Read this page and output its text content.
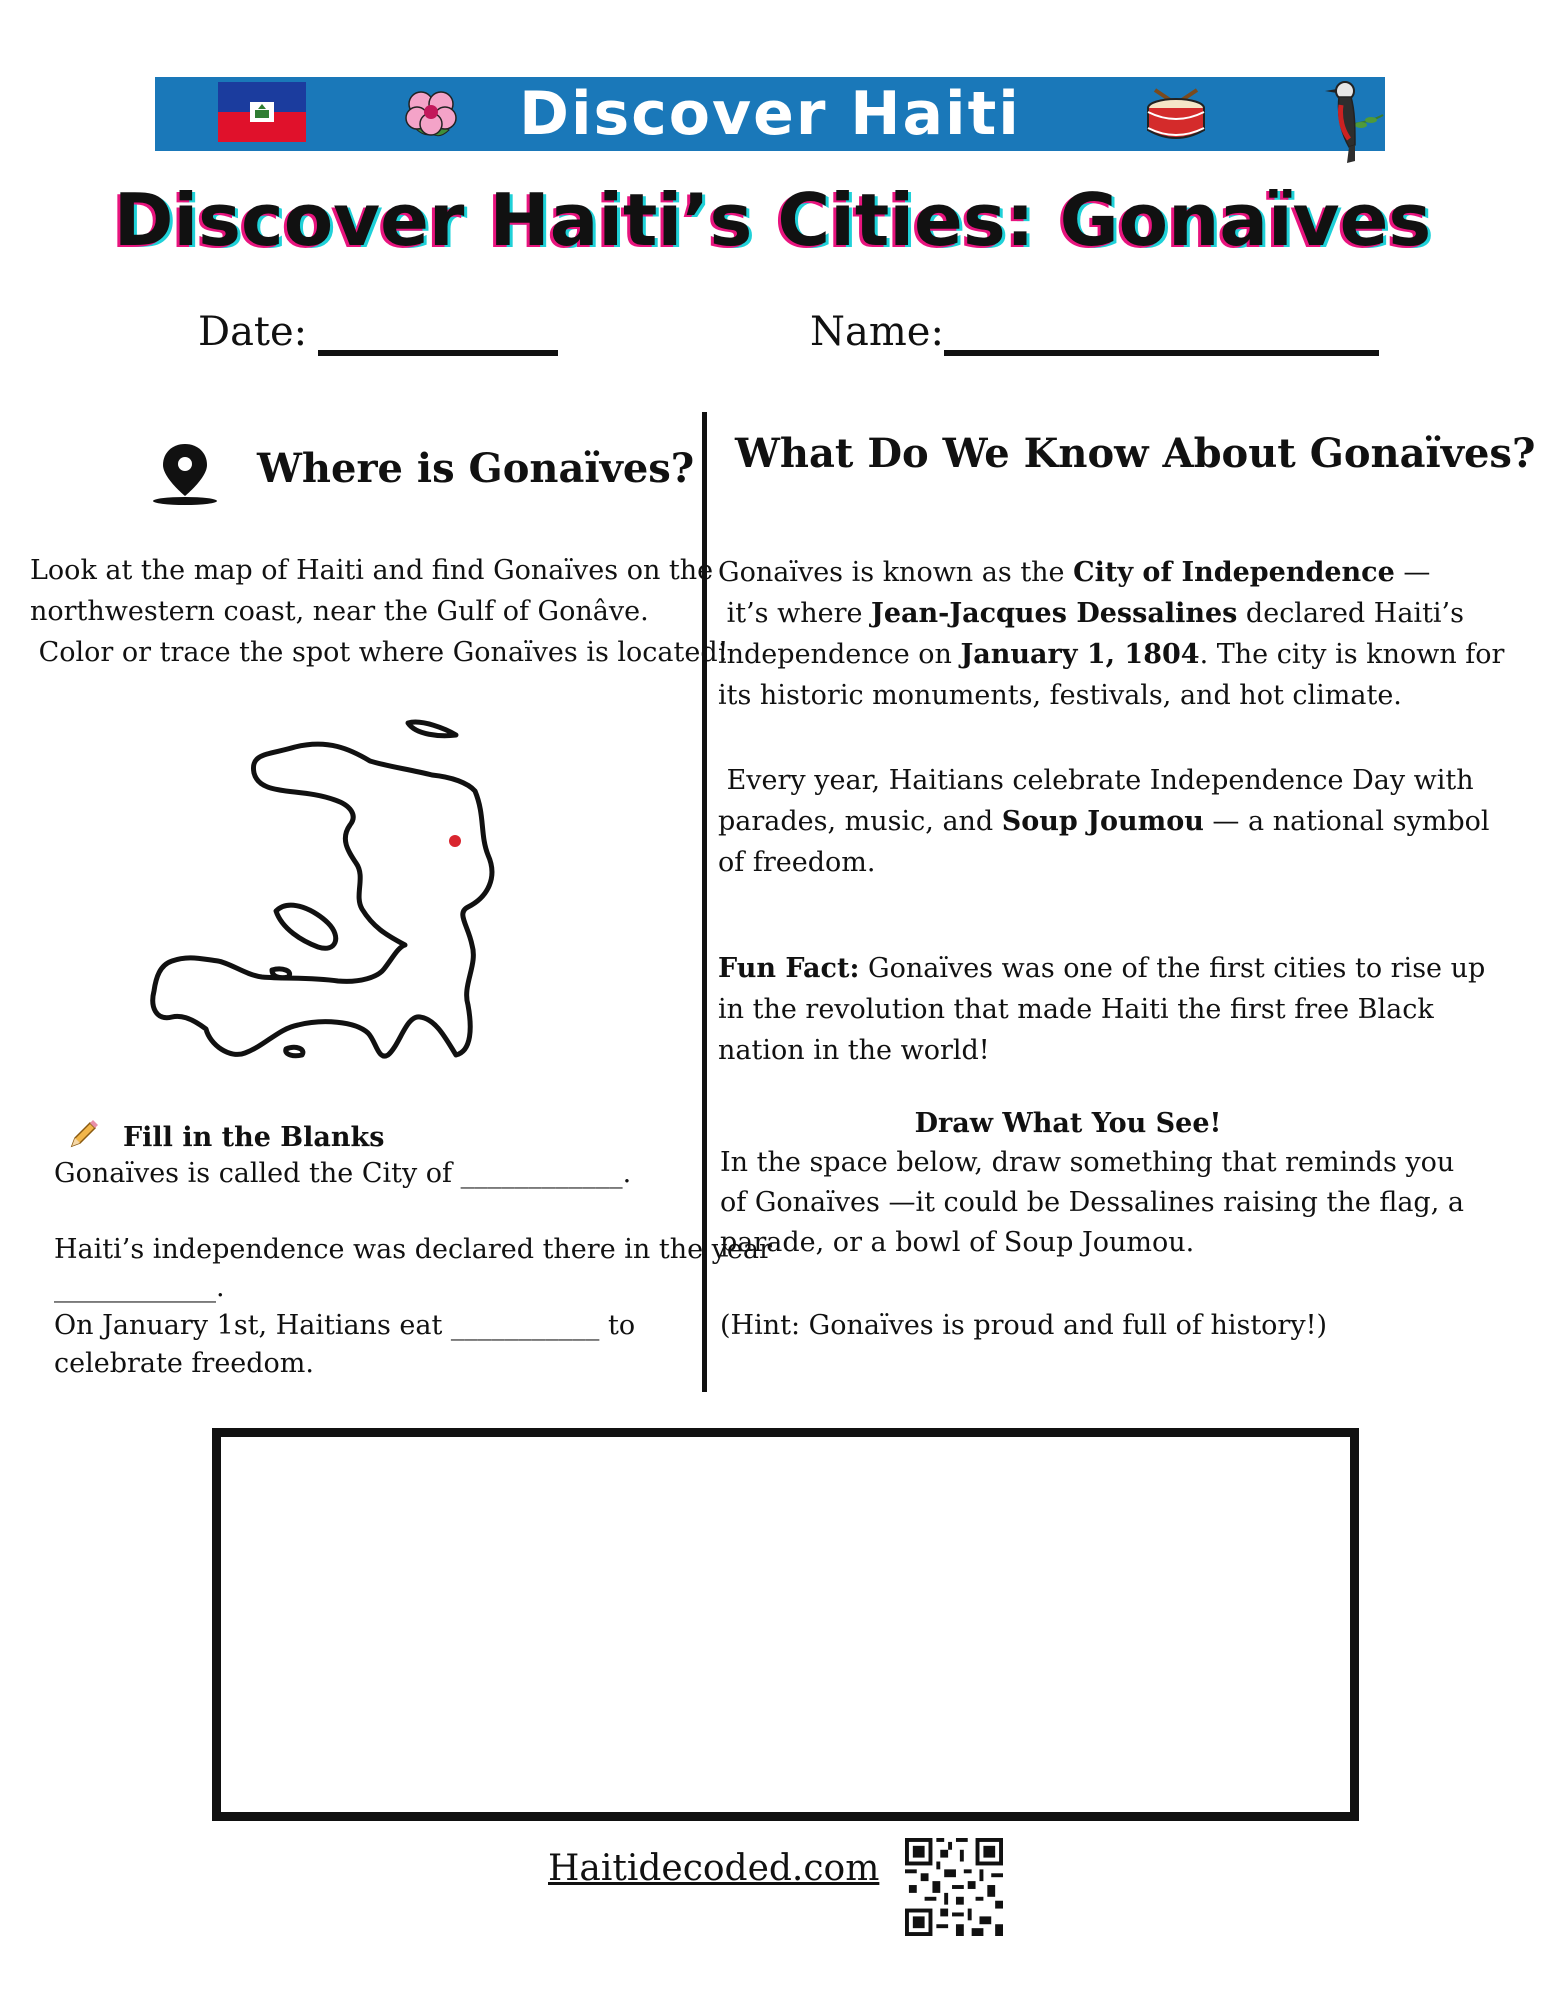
Discover Haiti
Discover Haiti’s Cities: Gonaïves
Date:	Name:
Where is Gonaïves?
Look at the map of Haiti and find Gonaïves on the
northwestern coast, near the Gulf of Gonâve.
Color or trace the spot where Gonaïves is located!
Fill in the Blanks
Gonaïves is called the City of ____________.
Haiti’s independence was declared there in the year
____________.
On January 1st, Haitians eat ___________ to
celebrate freedom.
What Do We Know About Gonaïves?
Gonaïves is known as the City of Independence —
it’s where Jean-Jacques Dessalines declared Haiti’s
independence on January 1, 1804. The city is known for
its historic monuments, festivals, and hot climate.
Every year, Haitians celebrate Independence Day with
parades, music, and Soup Joumou — a national symbol
of freedom.
Fun Fact: Gonaïves was one of the first cities to rise up
in the revolution that made Haiti the first free Black
nation in the world!
Draw What You See!
In the space below, draw something that reminds you
of Gonaïves —it could be Dessalines raising the flag, a
parade, or a bowl of Soup Joumou.
(Hint: Gonaïves is proud and full of history!)
Haitidecoded.com
